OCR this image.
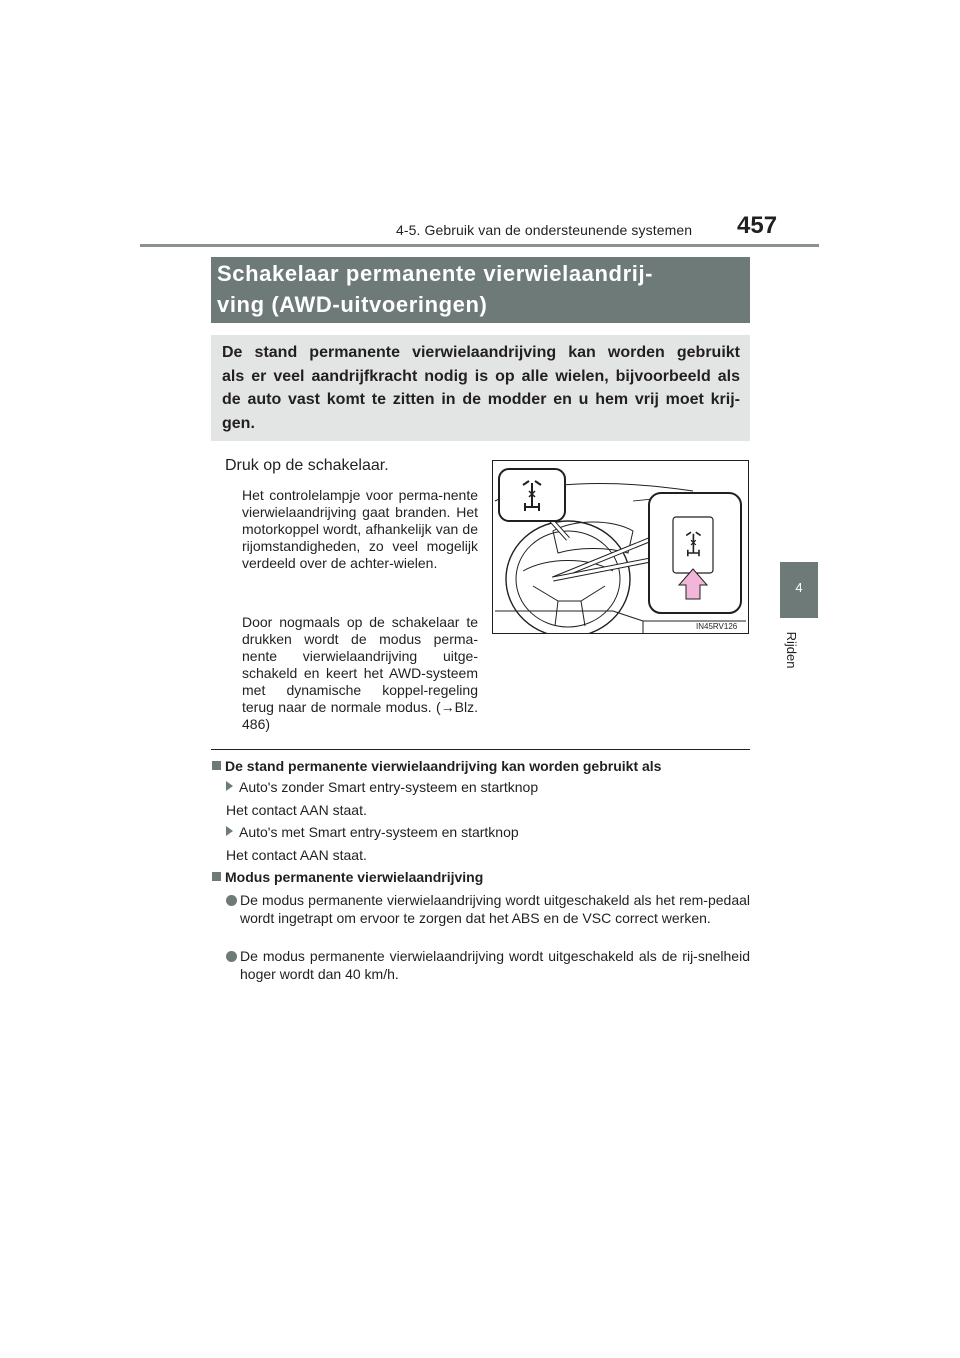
4-5. Gebruik van de ondersteunende systemen 457
4
Rijden
Schakelaar permanente vierwielaandrij-
ving (AWD-uitvoeringen)
De stand permanente vierwielaandrijving kan worden gebruikt
als er veel aandrijfkracht nodig is op alle wielen, bijvoorbeeld als
de auto vast komt te zitten in de modder en u hem vrij moet krij-
gen.
Druk op de schakelaar.

Het controlelampje voor perma-nente vierwielaandrijving gaat branden. Het motorkoppel wordt, afhankelijk van de rijomstandigheden, zo veel mogelijk verdeeld over de achter-wielen.

Door nogmaals op de schakelaar te drukken wordt de modus perma-nente vierwielaandrijving uitge-schakeld en keert het AWD-systeem met dynamische koppel-regeling terug naar de normale modus. (→Blz. 486)

IN45RV126
De stand permanente vierwielaandrijving kan worden gebruikt als
Auto's zonder Smart entry-systeem en startknop
Het contact AAN staat.
Auto's met Smart entry-systeem en startknop
Het contact AAN staat.
Modus permanente vierwielaandrijving

De modus permanente vierwielaandrijving wordt uitgeschakeld als het rem-pedaal wordt ingetrapt om ervoor te zorgen dat het ABS en de VSC correct werken.

De modus permanente vierwielaandrijving wordt uitgeschakeld als de rij-snelheid hoger wordt dan 40 km/h.
